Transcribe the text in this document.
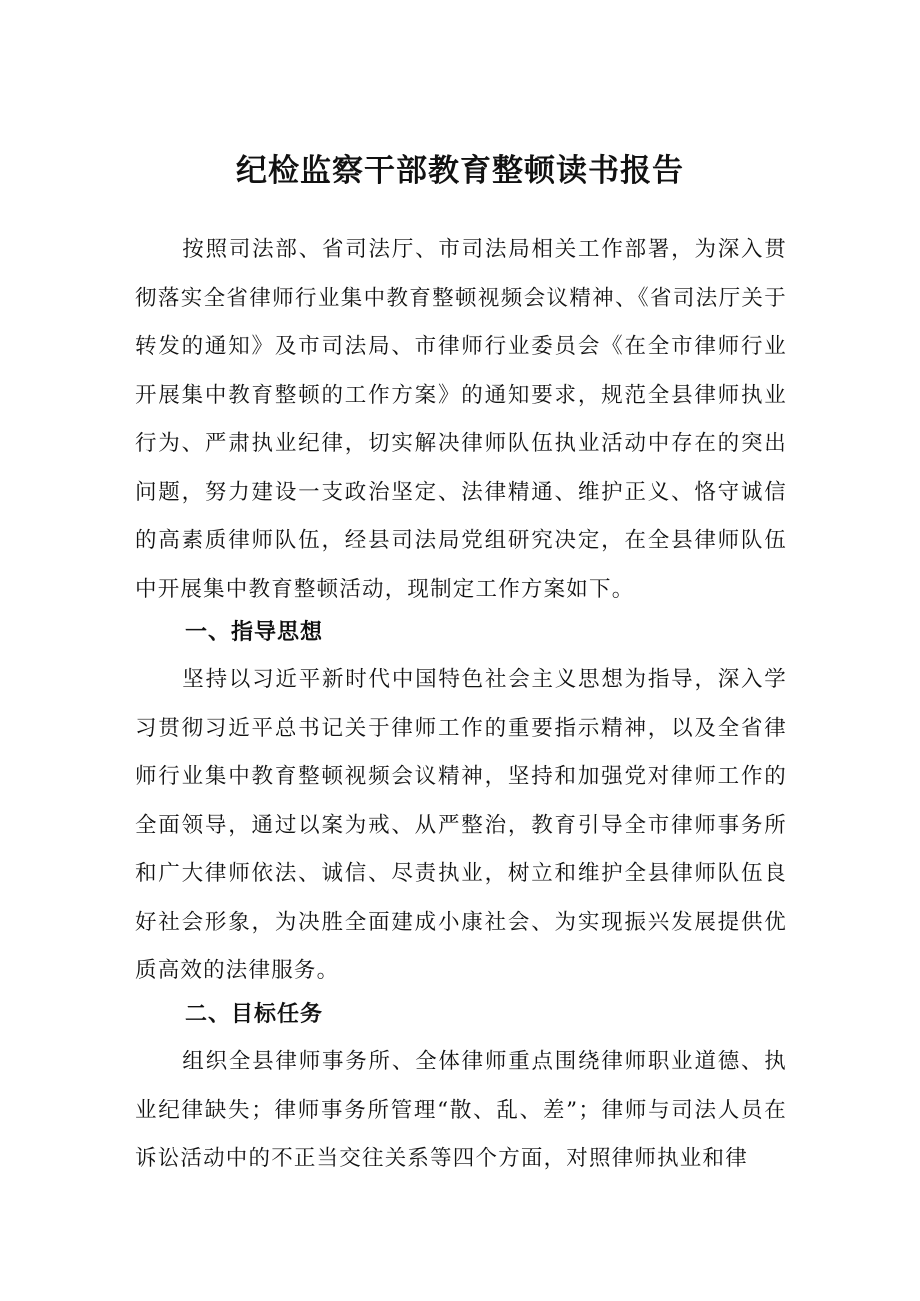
纪检监察干部教育整顿读书报告

按照司法部、省司法厅、市司法局相关工作部署，为深入贯彻落实全省律师行业集中教育整顿视频会议精神、《省司法厅关于转发的通知》及市司法局、市律师行业委员会《在全市律师行业开展集中教育整顿的工作方案》的通知要求，规范全县律师执业行为、严肃执业纪律，切实解决律师队伍执业活动中存在的突出问题，努力建设一支政治坚定、法律精通、维护正义、恪守诚信的高素质律师队伍，经县司法局党组研究决定，在全县律师队伍中开展集中教育整顿活动，现制定工作方案如下。

一、指导思想

坚持以习近平新时代中国特色社会主义思想为指导，深入学习贯彻习近平总书记关于律师工作的重要指示精神，以及全省律师行业集中教育整顿视频会议精神，坚持和加强党对律师工作的全面领导，通过以案为戒、从严整治，教育引导全市律师事务所和广大律师依法、诚信、尽责执业，树立和维护全县律师队伍良好社会形象，为决胜全面建成小康社会、为实现振兴发展提供优质高效的法律服务。

二、目标任务

组织全县律师事务所、全体律师重点围绕律师职业道德、执业纪律缺失；律师事务所管理“散、乱、差”；律师与司法人员在诉讼活动中的不正当交往关系等四个方面，对照律师执业和律
